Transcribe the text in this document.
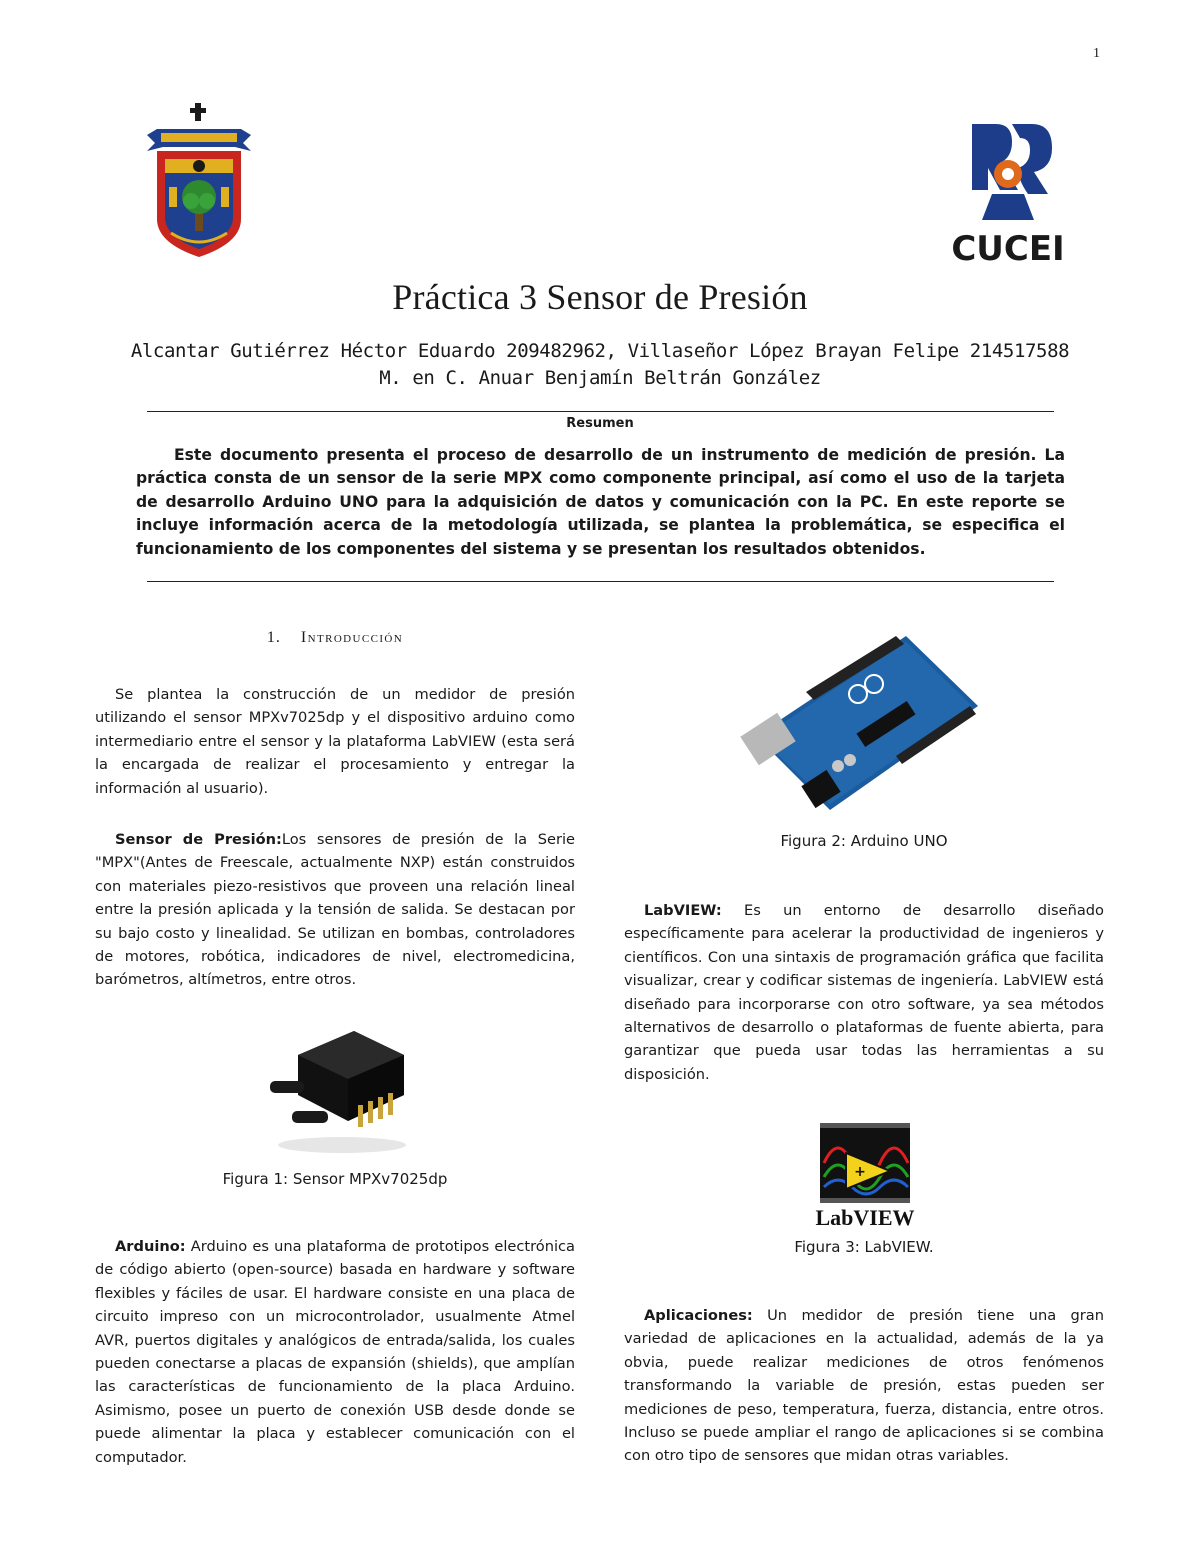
1
CUCEI
Práctica 3 Sensor de Presión
Alcantar Gutiérrez Héctor Eduardo 209482962, Villaseñor López Brayan Felipe 214517588
M. en C. Anuar Benjamín Beltrán González
Resumen
Este documento presenta el proceso de desarrollo de un instrumento de medición de presión. La práctica consta de un sensor de la serie MPX como componente principal, así como el uso de la tarjeta de desarrollo Arduino UNO para la adquisición de datos y comunicación con la PC. En este reporte se incluye información acerca de la metodología utilizada, se plantea la problemática, se especifica el funcionamiento de los componentes del sistema y se presentan los resultados obtenidos.
1. Introducción
Se plantea la construcción de un medidor de presión utilizando el sensor MPXv7025dp y el dispositivo arduino como intermediario entre el sensor y la plataforma LabVIEW (esta será la encargada de realizar el procesamiento y entregar la información al usuario).
Sensor de Presión:Los sensores de presión de la Serie "MPX"(Antes de Freescale, actualmente NXP) están construidos con materiales piezo-resistivos que proveen una relación lineal entre la presión aplicada y la tensión de salida. Se destacan por su bajo costo y linealidad. Se utilizan en bombas, controladores de motores, robótica, indicadores de nivel, electromedicina, barómetros, altímetros, entre otros.
Figura 1: Sensor MPXv7025dp
Arduino: Arduino es una plataforma de prototipos electrónica de código abierto (open-source) basada en hardware y software flexibles y fáciles de usar. El hardware consiste en una placa de circuito impreso con un microcontrolador, usualmente Atmel AVR, puertos digitales y analógicos de entrada/salida, los cuales pueden conectarse a placas de expansión (shields), que amplían las características de funcionamiento de la placa Arduino. Asimismo, posee un puerto de conexión USB desde donde se puede alimentar la placa y establecer comunicación con el computador.
Figura 2: Arduino UNO
LabVIEW: Es un entorno de desarrollo diseñado específicamente para acelerar la productividad de ingenieros y científicos. Con una sintaxis de programación gráfica que facilita visualizar, crear y codificar sistemas de ingeniería. LabVIEW está diseñado para incorporarse con otro software, ya sea métodos alternativos de desarrollo o plataformas de fuente abierta, para garantizar que pueda usar todas las herramientas a su disposición.
+
LabVIEW
Figura 3: LabVIEW.
Aplicaciones: Un medidor de presión tiene una gran variedad de aplicaciones en la actualidad, además de la ya obvia, puede realizar mediciones de otros fenómenos transformando la variable de presión, estas pueden ser mediciones de peso, temperatura, fuerza, distancia, entre otros. Incluso se puede ampliar el rango de aplicaciones si se combina con otro tipo de sensores que midan otras variables.
